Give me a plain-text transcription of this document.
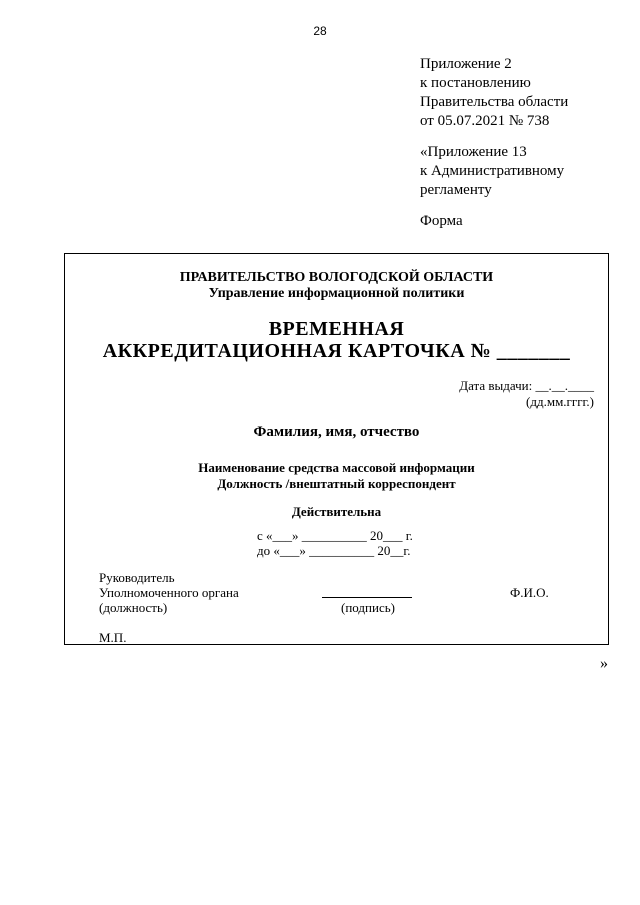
28
Приложение 2
к постановлению
Правительства области
от 05.07.2021 № 738
«Приложение 13
к Административному
регламенту
Форма
ПРАВИТЕЛЬСТВО ВОЛОГОДСКОЙ ОБЛАСТИ
Управление информационной политики
ВРЕМЕННАЯ
АККРЕДИТАЦИОННАЯ КАРТОЧКА № _______
Дата выдачи: __.__.____
(дд.мм.гггг.)
Фамилия, имя, отчество
Наименование средства массовой информации
Должность /внештатный корреспондент
Действительна
с «___» __________ 20___ г.
до «___» __________ 20__г.
Руководитель
Уполномоченного органа
(должность)	(подпись)
Ф.И.О.
М.П.
»
